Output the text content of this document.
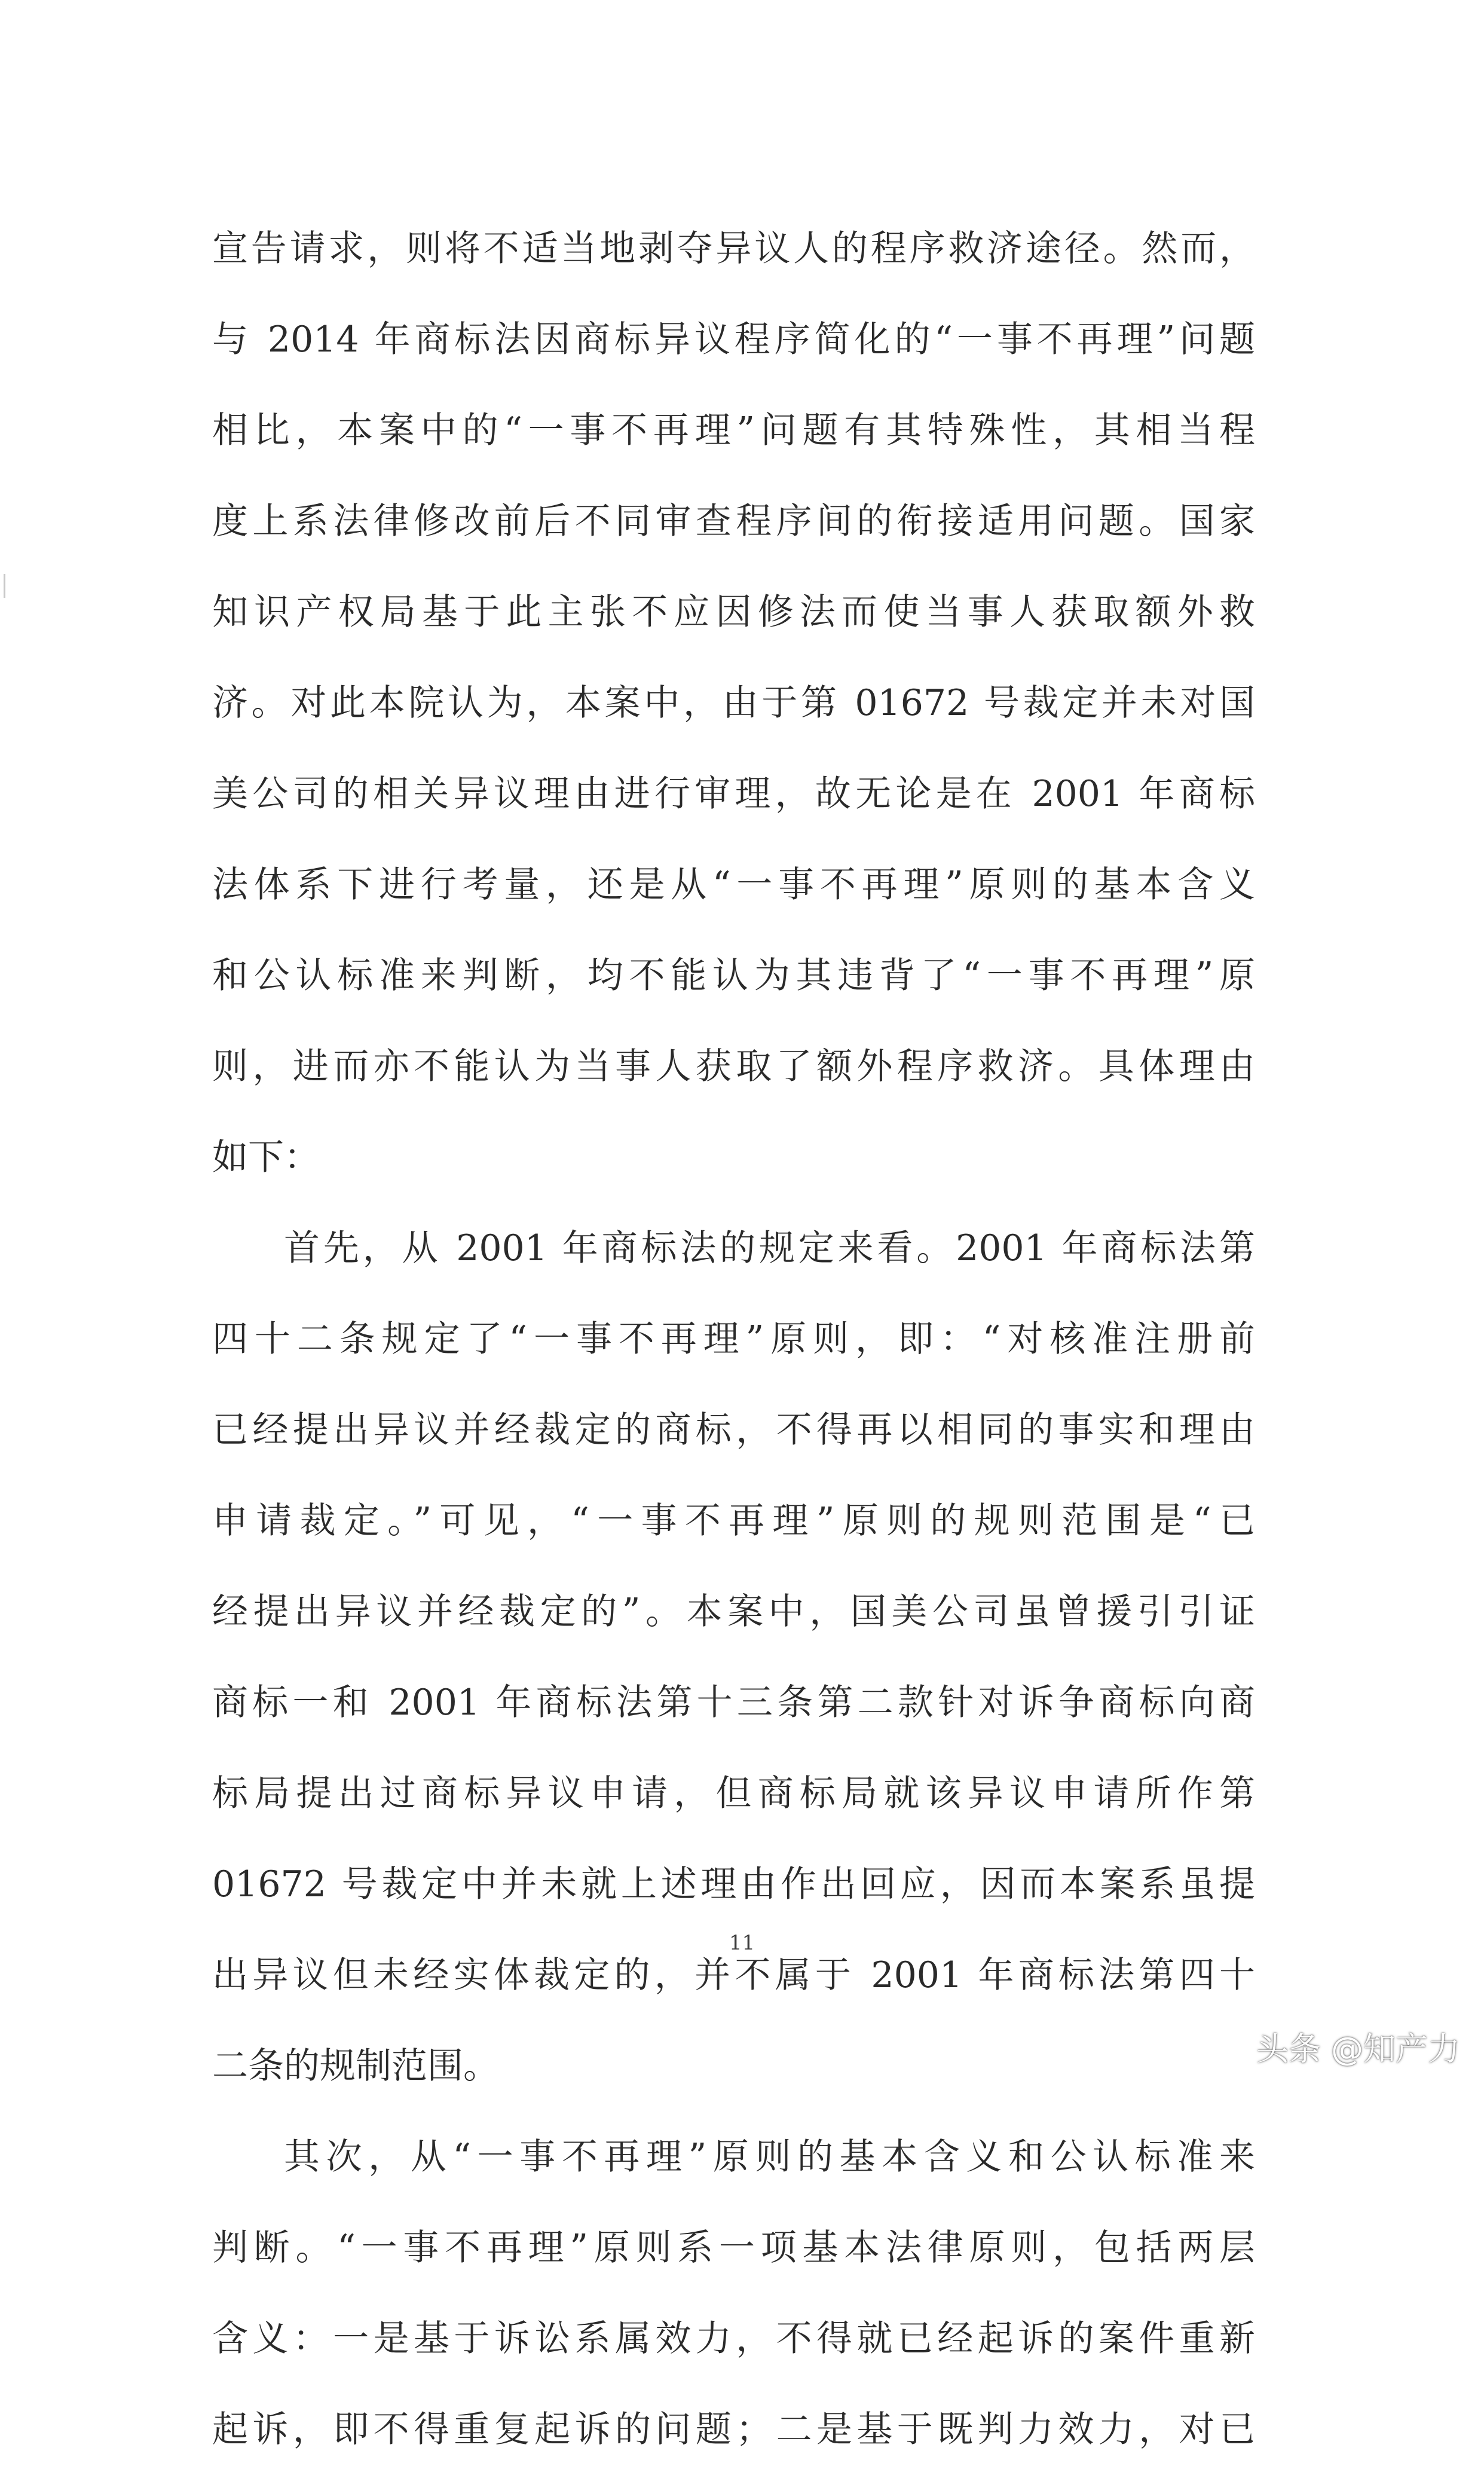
宣告请求，则将不适当地剥夺异议人的程序救济途径。然而，
与 2014 年商标法因商标异议程序简化的“一事不再理”问题
相比，本案中的“一事不再理”问题有其特殊性，其相当程
度上系法律修改前后不同审查程序间的衔接适用问题。国家
知识产权局基于此主张不应因修法而使当事人获取额外救
济。对此本院认为，本案中，由于第 01672 号裁定并未对国
美公司的相关异议理由进行审理，故无论是在 2001 年商标
法体系下进行考量，还是从“一事不再理”原则的基本含义
和公认标准来判断，均不能认为其违背了“一事不再理”原
则，进而亦不能认为当事人获取了额外程序救济。具体理由
如下：
首先，从 2001 年商标法的规定来看。2001 年商标法第
四十二条规定了“一事不再理”原则，即：“对核准注册前
已经提出异议并经裁定的商标，不得再以相同的事实和理由
申请裁定。”可见，“一事不再理”原则的规则范围是“已
经提出异议并经裁定的”。本案中，国美公司虽曾援引引证
商标一和 2001 年商标法第十三条第二款针对诉争商标向商
标局提出过商标异议申请，但商标局就该异议申请所作第
01672 号裁定中并未就上述理由作出回应，因而本案系虽提
出异议但未经实体裁定的，并不属于 2001 年商标法第四十
二条的规制范围。
其次，从“一事不再理”原则的基本含义和公认标准来
判断。“一事不再理”原则系一项基本法律原则，包括两层
含义：一是基于诉讼系属效力，不得就已经起诉的案件重新
起诉，即不得重复起诉的问题；二是基于既判力效力，对已
11
头条 @知产力
